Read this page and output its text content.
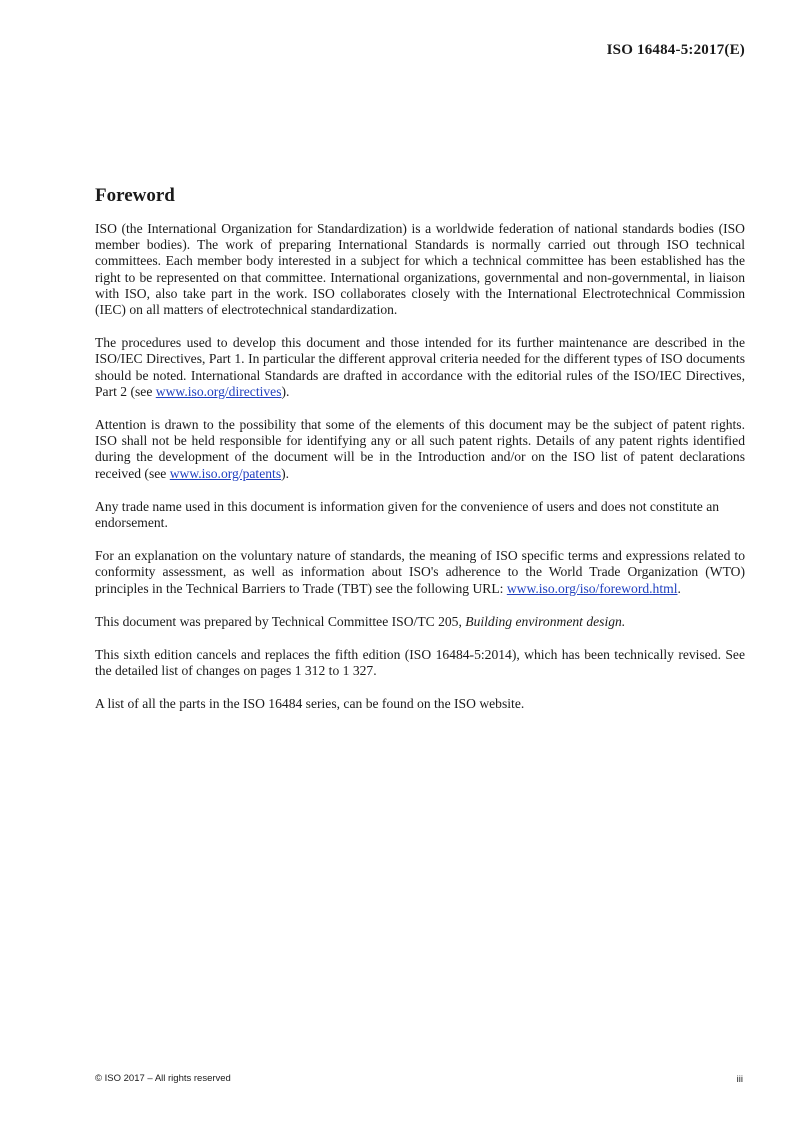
ISO 16484-5:2017(E)
Foreword

ISO (the International Organization for Standardization) is a worldwide federation of national standards bodies (ISO member bodies). The work of preparing International Standards is normally carried out through ISO technical committees. Each member body interested in a subject for which a technical committee has been established has the right to be represented on that committee. International organizations, governmental and non-governmental, in liaison with ISO, also take part in the work. ISO collaborates closely with the International Electrotechnical Commission (IEC) on all matters of electrotechnical standardization.

The procedures used to develop this document and those intended for its further maintenance are described in the ISO/IEC Directives, Part 1. In particular the different approval criteria needed for the different types of ISO documents should be noted. International Standards are drafted in accordance with the editorial rules of the ISO/IEC Directives, Part 2 (see www.iso.org/directives).

Attention is drawn to the possibility that some of the elements of this document may be the subject of patent rights. ISO shall not be held responsible for identifying any or all such patent rights. Details of any patent rights identified during the development of the document will be in the Introduction and/or on the ISO list of patent declarations received (see www.iso.org/patents).

Any trade name used in this document is information given for the convenience of users and does not constitute an endorsement.

For an explanation on the voluntary nature of standards, the meaning of ISO specific terms and expressions related to conformity assessment, as well as information about ISO's adherence to the World Trade Organization (WTO) principles in the Technical Barriers to Trade (TBT) see the following URL: www.iso.org/iso/foreword.html.

This document was prepared by Technical Committee ISO/TC 205, Building environment design.

This sixth edition cancels and replaces the fifth edition (ISO 16484-5:2014), which has been technically revised. See the detailed list of changes on pages 1 312 to 1 327.

A list of all the parts in the ISO 16484 series, can be found on the ISO website.

© ISO 2017 – All rights reserved	iii
